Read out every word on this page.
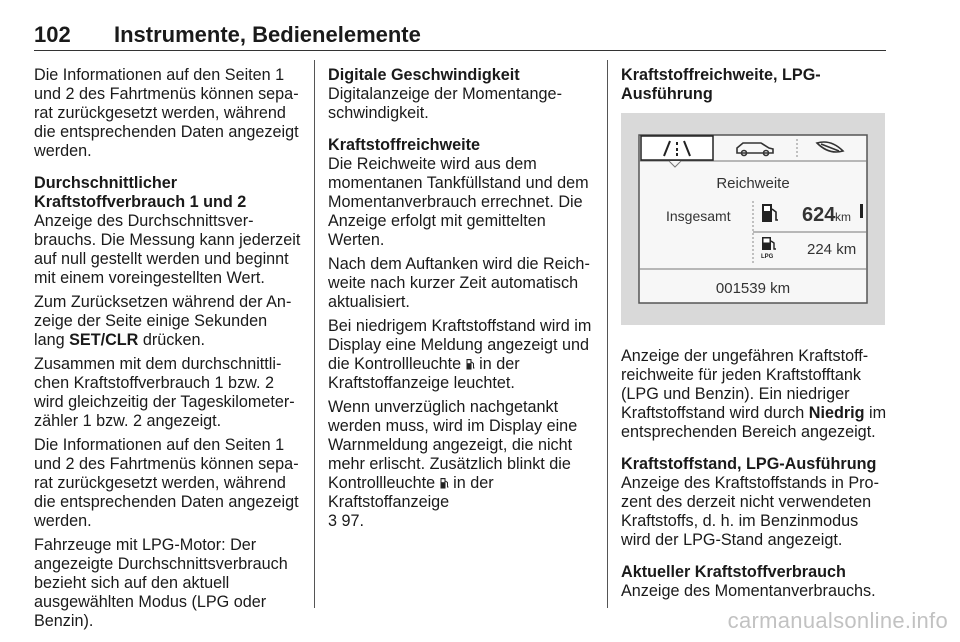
102 Instrumente, Bedienelemente

Die Informationen auf den Seiten 1 und 2 des Fahrtmenüs können separat zurückgesetzt werden, während die entsprechenden Daten angezeigt werden.

Durchschnittlicher
Kraftstoffverbrauch 1 und 2

Anzeige des Durchschnittsverbrauchs. Die Messung kann jederzeit auf null gestellt werden und beginnt mit einem voreingestellten Wert.

Zum Zurücksetzen während der Anzeige der Seite einige Sekunden lang SET/CLR drücken.

Zusammen mit dem durchschnittlichen Kraftstoffverbrauch 1 bzw. 2 wird gleichzeitig der Tageskilometerzähler 1 bzw. 2 angezeigt.

Die Informationen auf den Seiten 1 und 2 des Fahrtmenüs können separat zurückgesetzt werden, während die entsprechenden Daten angezeigt werden.

Fahrzeuge mit LPG-Motor: Der angezeigte Durchschnittsverbrauch bezieht sich auf den aktuell ausgewählten Modus (LPG oder Benzin).

Digitale Geschwindigkeit

Digitalanzeige der Momentangeschwindigkeit.

Kraftstoffreichweite

Die Reichweite wird aus dem momentanen Tankfüllstand und dem Momentanverbrauch errechnet. Die Anzeige erfolgt mit gemittelten Werten.

Nach dem Auftanken wird die Reichweite nach kurzer Zeit automatisch aktualisiert.

Bei niedrigem Kraftstoffstand wird im Display eine Meldung angezeigt und die Kontrollleuchte  in der Kraftstoffanzeige leuchtet.

Wenn unverzüglich nachgetankt werden muss, wird im Display eine Warnmeldung angezeigt, die nicht mehr erlischt. Zusätzlich blinkt die Kontrollleuchte  in der Kraftstoffanzeige
3 97.

Kraftstoffreichweite, LPG-
Ausführung
Reichweite
Insgesamt	624 km
LPG 224 km
001539 km

Anzeige der ungefähren Kraftstoffreichweite für jeden Kraftstofftank (LPG und Benzin). Ein niedriger Kraftstoffstand wird durch Niedrig im entsprechenden Bereich angezeigt.

Kraftstoffstand, LPG-Ausführung

Anzeige des Kraftstoffstands in Prozent des derzeit nicht verwendeten Kraftstoffs, d. h. im Benzinmodus wird der LPG-Stand angezeigt.

Aktueller Kraftstoffverbrauch

Anzeige des Momentanverbrauchs.

carmanualsonline.info
